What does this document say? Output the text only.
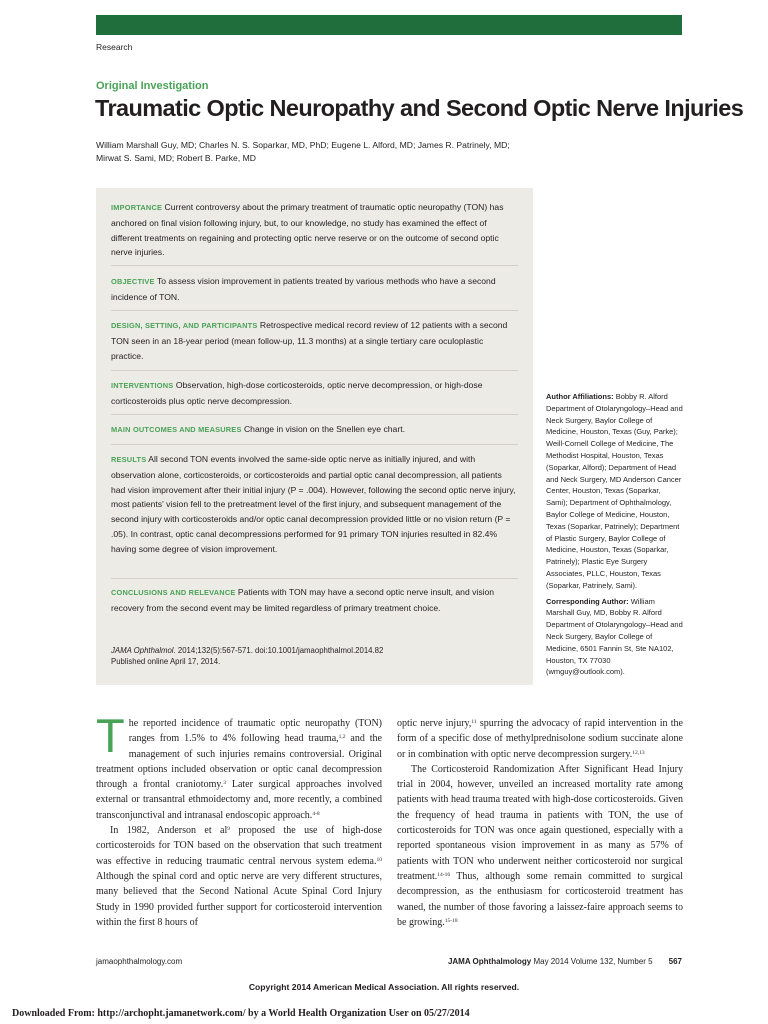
Research
Original Investigation
Traumatic Optic Neuropathy and Second Optic Nerve Injuries
William Marshall Guy, MD; Charles N. S. Soparkar, MD, PhD; Eugene L. Alford, MD; James R. Patrinely, MD;
Mirwat S. Sami, MD; Robert B. Parke, MD
IMPORTANCE Current controversy about the primary treatment of traumatic optic neuropathy (TON) has anchored on final vision following injury, but, to our knowledge, no study has examined the effect of different treatments on regaining and protecting optic nerve reserve or on the outcome of second optic nerve injuries.
OBJECTIVE To assess vision improvement in patients treated by various methods who have a second incidence of TON.
DESIGN, SETTING, AND PARTICIPANTS Retrospective medical record review of 12 patients with a second TON seen in an 18-year period (mean follow-up, 11.3 months) at a single tertiary care oculoplastic practice.
INTERVENTIONS Observation, high-dose corticosteroids, optic nerve decompression, or high-dose corticosteroids plus optic nerve decompression.
MAIN OUTCOMES AND MEASURES Change in vision on the Snellen eye chart.
RESULTS All second TON events involved the same-side optic nerve as initially injured, and with observation alone, corticosteroids, or corticosteroids and partial optic canal decompression, all patients had vision improvement after their initial injury (P = .004). However, following the second optic nerve injury, most patients' vision fell to the pretreatment level of the first injury, and subsequent management of the second injury with corticosteroids and/or optic canal decompression provided little or no vision return (P = .05). In contrast, optic canal decompressions performed for 91 primary TON injuries resulted in 82.4% having some degree of vision improvement.
CONCLUSIONS AND RELEVANCE Patients with TON may have a second optic nerve insult, and vision recovery from the second event may be limited regardless of primary treatment choice.
JAMA Ophthalmol. 2014;132(5):567-571. doi:10.1001/jamaophthalmol.2014.82
Published online April 17, 2014.
Author Affiliations: Bobby R. Alford Department of Otolaryngology–Head and Neck Surgery, Baylor College of Medicine, Houston, Texas (Guy, Parke); Weill-Cornell College of Medicine, The Methodist Hospital, Houston, Texas (Soparkar, Alford); Department of Head and Neck Surgery, MD Anderson Cancer Center, Houston, Texas (Soparkar, Sami); Department of Ophthalmology, Baylor College of Medicine, Houston, Texas (Soparkar, Patrinely); Department of Plastic Surgery, Baylor College of Medicine, Houston, Texas (Soparkar, Patrinely); Plastic Eye Surgery Associates, PLLC, Houston, Texas (Soparkar, Patrinely, Sami).
Corresponding Author: William Marshall Guy, MD, Bobby R. Alford Department of Otolaryngology–Head and Neck Surgery, Baylor College of Medicine, 6501 Fannin St, Ste NA102, Houston, TX 77030 (wmguy@outlook.com).

The reported incidence of traumatic optic neuropathy (TON) ranges from 1.5% to 4% following head trauma,$^{1,2}$ and the management of such injuries remains controversial. Original treatment options included observation or optic canal decompression through a frontal craniotomy.$^3$ Later surgical approaches involved external or transantral ethmoidectomy and, more recently, a combined transconjunctival and intranasal endoscopic approach.$^{4-8}$

In 1982, Anderson et $al^9$ proposed the use of high-dose corticosteroids for TON based on the observation that such treatment was effective in reducing traumatic central nervous system edema.$^{10}$ Although the spinal cord and optic nerve are very different structures, many believed that the Second National Acute Spinal Cord Injury Study in 1990 provided further support for corticosteroid intervention within the first 8 hours of

optic nerve injury,$^{11}$ spurring the advocacy of rapid intervention in the form of a specific dose of methylprednisolone sodium succinate alone or in combination with optic nerve decompression surgery.$^{12,13}$

The Corticosteroid Randomization After Significant Head Injury trial in 2004, however, unveiled an increased mortality rate among patients with head trauma treated with high-dose corticosteroids. Given the frequency of head trauma in patients with TON, the use of corticosteroids for TON was once again questioned, especially with a reported spontaneous vision improvement in as many as 57% of patients with TON who underwent neither corticosteroid nor surgical treatment.$^{14-16}$ Thus, although some remain committed to surgical decompression, as the enthusiasm for corticosteroid treatment has waned, the number of those favoring a laissez-faire approach seems to be growing.$^{15-18}$

jamaophthalmology.com	JAMA Ophthalmology May 2014 Volume 132, Number 5 567
Copyright 2014 American Medical Association. All rights reserved.
Downloaded From: http://archopht.jamanetwork.com/ by a World Health Organization User on 05/27/2014
